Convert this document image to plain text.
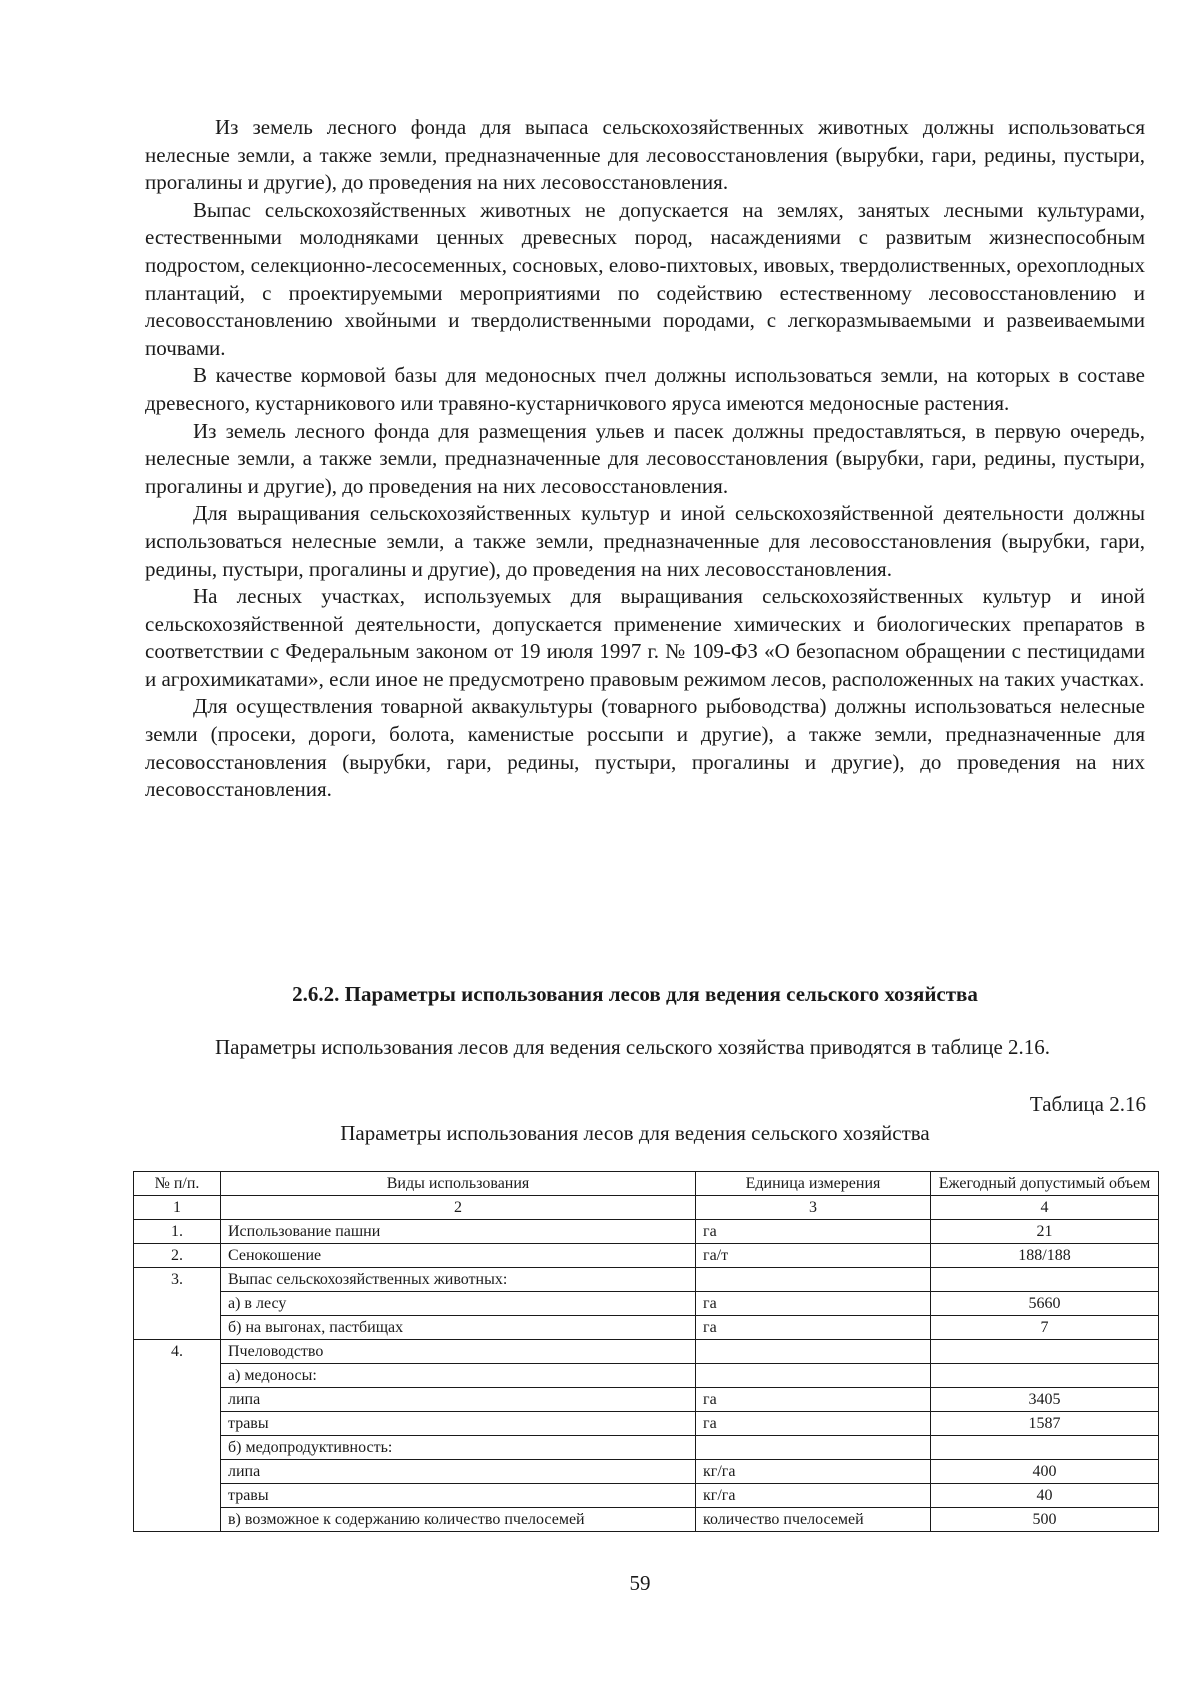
Из земель лесного фонда для выпаса сельскохозяйственных животных должны использоваться нелесные земли, а также земли, предназначенные для лесовосстановления (вырубки, гари, редины, пустыри, прогалины и другие), до проведения на них лесовосстановления.

Выпас сельскохозяйственных животных не допускается на землях, занятых лесными культурами, естественными молодняками ценных древесных пород, насаждениями с развитым жизнеспособным подростом, селекционно-лесосеменных, сосновых, елово-пихтовых, ивовых, твердолиственных, орехоплодных плантаций, с проектируемыми мероприятиями по содействию естественному лесовосстановлению и лесовосстановлению хвойными и твердолиственными породами, с легкоразмываемыми и развеиваемыми почвами.

В качестве кормовой базы для медоносных пчел должны использоваться земли, на которых в составе древесного, кустарникового или травяно-кустарничкового яруса имеются медоносные растения.

Из земель лесного фонда для размещения ульев и пасек должны предоставляться, в первую очередь, нелесные земли, а также земли, предназначенные для лесовосстановления (вырубки, гари, редины, пустыри, прогалины и другие), до проведения на них лесовосстановления.

Для выращивания сельскохозяйственных культур и иной сельскохозяйственной деятельности должны использоваться нелесные земли, а также земли, предназначенные для лесовосстановления (вырубки, гари, редины, пустыри, прогалины и другие), до проведения на них лесовосстановления.

На лесных участках, используемых для выращивания сельскохозяйственных культур и иной сельскохозяйственной деятельности, допускается применение химических и биологических препаратов в соответствии с Федеральным законом от 19 июля 1997 г. № 109-ФЗ «О безопасном обращении с пестицидами и агрохимикатами», если иное не предусмотрено правовым режимом лесов, расположенных на таких участках.

Для осуществления товарной аквакультуры (товарного рыбоводства) должны использоваться нелесные земли (просеки, дороги, болота, каменистые россыпи и другие), а также земли, предназначенные для лесовосстановления (вырубки, гари, редины, пустыри, прогалины и другие), до проведения на них лесовосстановления.

2.6.2. Параметры использования лесов для ведения сельского хозяйства

Параметры использования лесов для ведения сельского хозяйства приводятся в таблице 2.16.

Таблица 2.16
Параметры использования лесов для ведения сельского хозяйства
№ п/п.	Виды использования	Единица измерения	Ежегодный допустимый объем
1	2	3	4
1.	Использование пашни	га	21
2.	Сенокошение	га/т	188/188
3.	Выпас сельскохозяйственных животных:		
	а) в лесу	га	5660
	б) на выгонах, пастбищах	га	7
4.	Пчеловодство		
	а) медоносы:		
	липа	га	3405
	травы	га	1587
	б) медопродуктивность:		
	липа	кг/га	400
	травы	кг/га	40
	в) возможное к содержанию количество пчелосемей	количество пчелосемей	500
59
